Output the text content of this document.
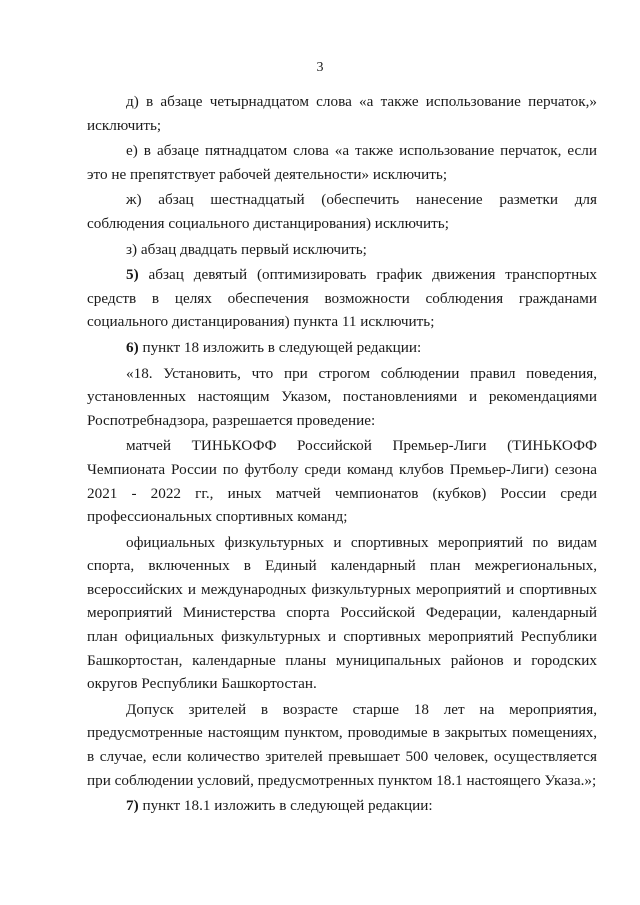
3

д) в абзаце четырнадцатом слова «а также использование перчаток,» исключить;

е) в абзаце пятнадцатом слова «а также использование перчаток, если это не препятствует рабочей деятельности» исключить;

ж) абзац шестнадцатый (обеспечить нанесение разметки для соблюдения социального дистанцирования) исключить;

з) абзац двадцать первый исключить;

5) абзац девятый (оптимизировать график движения транспортных средств в целях обеспечения возможности соблюдения гражданами социального дистанцирования) пункта 11 исключить;

6) пункт 18 изложить в следующей редакции:

«18. Установить, что при строгом соблюдении правил поведения, установленных настоящим Указом, постановлениями и рекомендациями Роспотребнадзора, разрешается проведение:

матчей ТИНЬКОФФ Российской Премьер-Лиги (ТИНЬКОФФ Чемпионата России по футболу среди команд клубов Премьер-Лиги) сезона 2021 - 2022 гг., иных матчей чемпионатов (кубков) России среди профессиональных спортивных команд;

официальных физкультурных и спортивных мероприятий по видам спорта, включенных в Единый календарный план межрегиональных, всероссийских и международных физкультурных мероприятий и спортивных мероприятий Министерства спорта Российской Федерации, календарный план официальных физкультурных и спортивных мероприятий Республики Башкортостан, календарные планы муниципальных районов и городских округов Республики Башкортостан.

Допуск зрителей в возрасте старше 18 лет на мероприятия, предусмотренные настоящим пунктом, проводимые в закрытых помещениях, в случае, если количество зрителей превышает 500 человек, осуществляется при соблюдении условий, предусмотренных пунктом 18.1 настоящего Указа.»;

7) пункт 18.1 изложить в следующей редакции:
